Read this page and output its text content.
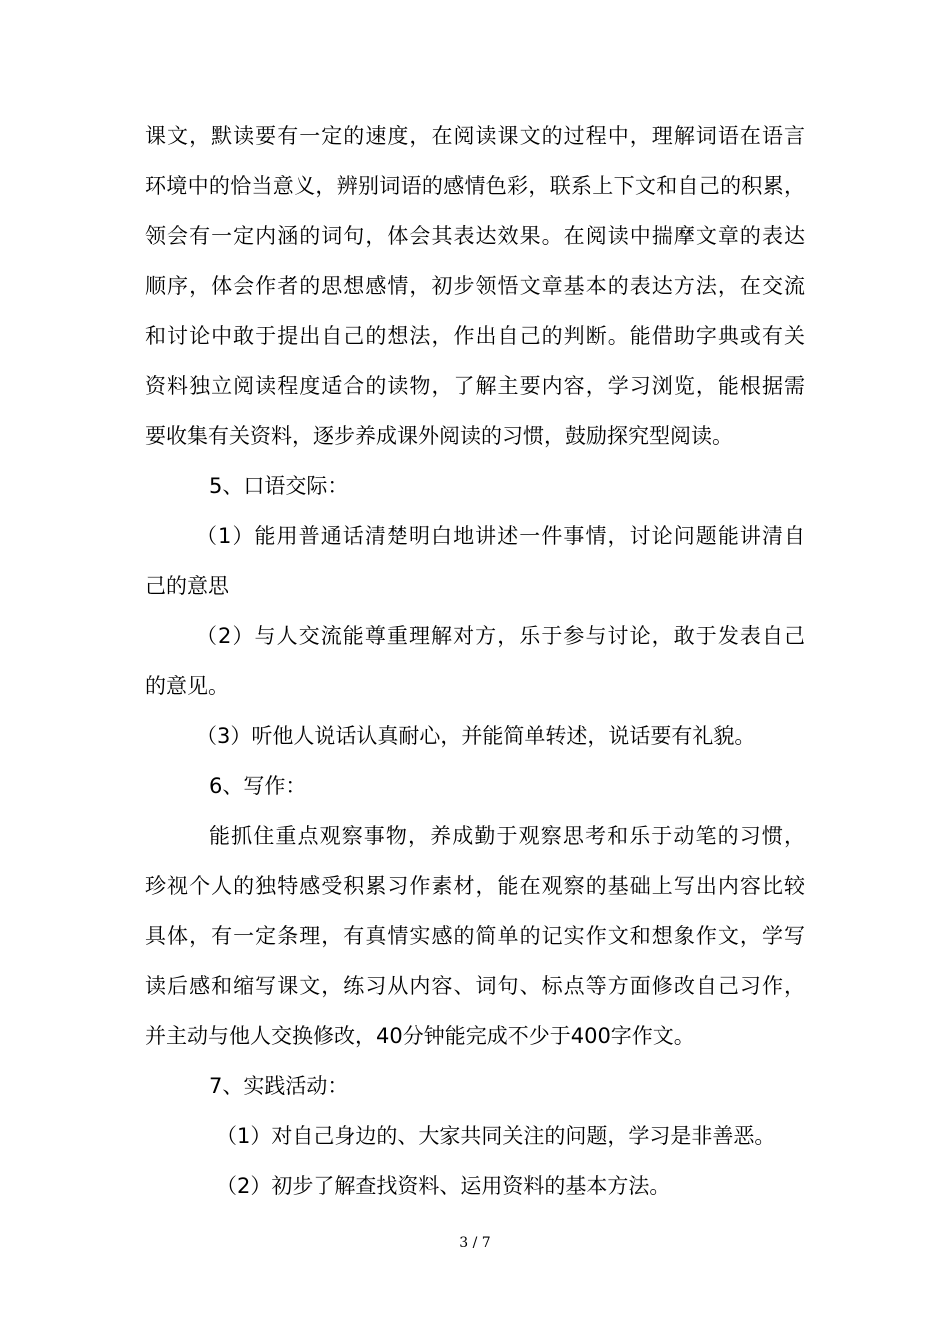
课文，默读要有一定的速度，在阅读课文的过程中，理解词语在语言
环境中的恰当意义，辨别词语的感情色彩，联系上下文和自己的积累，
领会有一定内涵的词句，体会其表达效果。在阅读中揣摩文章的表达
顺序，体会作者的思想感情，初步领悟文章基本的表达方法，在交流
和讨论中敢于提出自己的想法，作出自己的判断。能借助字典或有关
资料独立阅读程度适合的读物，了解主要内容，学习浏览，能根据需
要收集有关资料，逐步养成课外阅读的习惯，鼓励探究型阅读。
5、口语交际：
（1）能用普通话清楚明白地讲述一件事情，讨论问题能讲清自
己的意思
（2）与人交流能尊重理解对方，乐于参与讨论，敢于发表自己
的意见。
（3）听他人说话认真耐心，并能简单转述，说话要有礼貌。
6、写作：
能抓住重点观察事物，养成勤于观察思考和乐于动笔的习惯，
珍视个人的独特感受积累习作素材，能在观察的基础上写出内容比较
具体，有一定条理，有真情实感的简单的记实作文和想象作文，学写
读后感和缩写课文，练习从内容、词句、标点等方面修改自己习作，
并主动与他人交换修改，40分钟能完成不少于400字作文。
7、实践活动：
（1）对自己身边的、大家共同关注的问题，学习是非善恶。
（2）初步了解查找资料、运用资料的基本方法。
3 / 7
